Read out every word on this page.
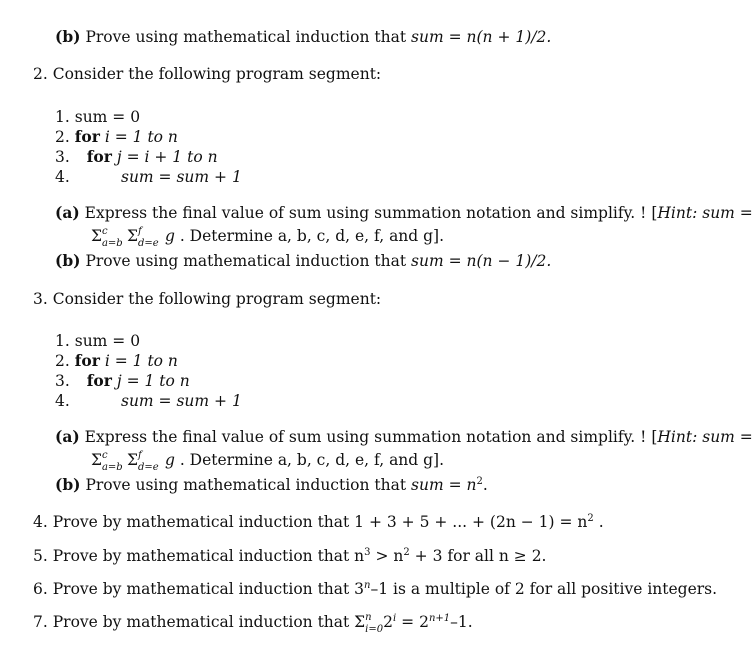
(b) Prove using mathematical induction that sum = n(n + 1)/2.
2. Consider the following program segment:
1. sum = 0
2. for i = 1 to n
3. for j = i + 1 to n
4.	sum = sum + 1
(a) Express the final value of sum using summation notation and simplify. ! [Hint: sum =
Σ c
a=b Σ f
d=e g . Determine a, b, c, d, e, f, and g].
(b) Prove using mathematical induction that sum = n(n − 1)/2.
3. Consider the following program segment:
1. sum = 0
2. for i = 1 to n
3. for j = 1 to n
4.	sum = sum + 1
(a) Express the final value of sum using summation notation and simplify. ! [Hint: sum =
Σ c
a=b Σ f
d=e g . Determine a, b, c, d, e, f, and g].
(b) Prove using mathematical induction that sum = $n^2$.
4. Prove by mathematical induction that 1 + 3 + 5 + ... + $(2n - 1) = n^2$ .
5. Prove by mathematical induction that $n^3 > n^2 + 3$ for all n ≥ 2.
6. Prove by mathematical induction that 3$^n$–1 is a multiple of 2 for all positive integers.
7. Prove by mathematical induction that Σ n
i=0 $2^i = 2^{n+1}-1$.
